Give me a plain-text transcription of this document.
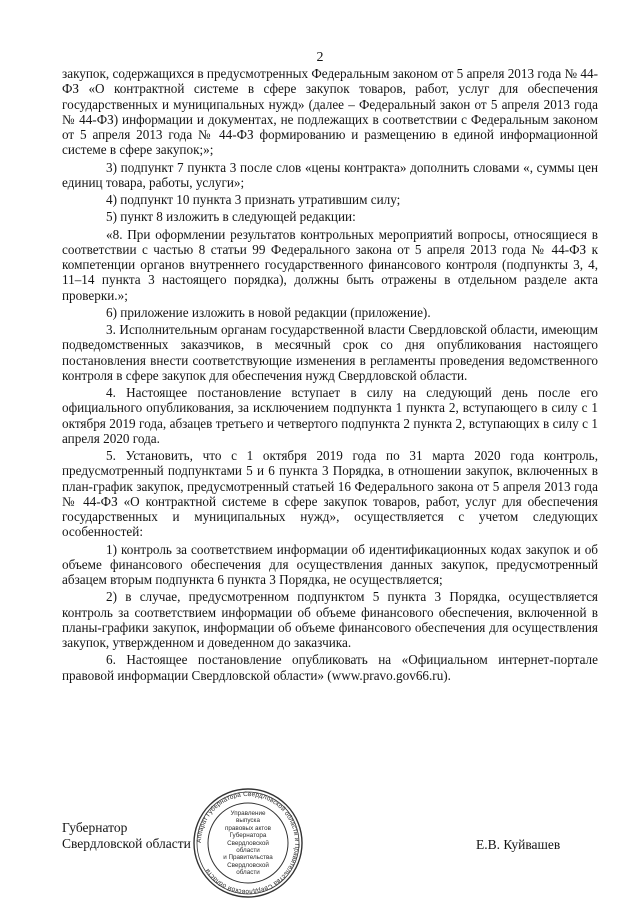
2

закупок, содержащихся в предусмотренных Федеральным законом от 5 апреля 2013 года № 44-ФЗ «О контрактной системе в сфере закупок товаров, работ, услуг для обеспечения государственных и муниципальных нужд» (далее – Федеральный закон от 5 апреля 2013 года № 44-ФЗ) информации и документах, не подлежащих в соответствии с Федеральным законом от 5 апреля 2013 года № 44-ФЗ формированию и размещению в единой информационной системе в сфере закупок;»;

3) подпункт 7 пункта 3 после слов «цены контракта» дополнить словами «, суммы цен единиц товара, работы, услуги»;

4) подпункт 10 пункта 3 признать утратившим силу;

5) пункт 8 изложить в следующей редакции:

«8. При оформлении результатов контрольных мероприятий вопросы, относящиеся в соответствии с частью 8 статьи 99 Федерального закона от 5 апреля 2013 года № 44-ФЗ к компетенции органов внутреннего государственного финансового контроля (подпункты 3, 4, 11–14 пункта 3 настоящего порядка), должны быть отражены в отдельном разделе акта проверки.»;

6) приложение изложить в новой редакции (приложение).

3. Исполнительным органам государственной власти Свердловской области, имеющим подведомственных заказчиков, в месячный срок со дня опубликования настоящего постановления внести соответствующие изменения в регламенты проведения ведомственного контроля в сфере закупок для обеспечения нужд Свердловской области.

4. Настоящее постановление вступает в силу на следующий день после его официального опубликования, за исключением подпункта 1 пункта 2, вступающего в силу с 1 октября 2019 года, абзацев третьего и четвертого подпункта 2 пункта 2, вступающих в силу с 1 апреля 2020 года.

5. Установить, что с 1 октября 2019 года по 31 марта 2020 года контроль, предусмотренный подпунктами 5 и 6 пункта 3 Порядка, в отношении закупок, включенных в план-график закупок, предусмотренный статьей 16 Федерального закона от 5 апреля 2013 года № 44-ФЗ «О контрактной системе в сфере закупок товаров, работ, услуг для обеспечения государственных и муниципальных нужд», осуществляется с учетом следующих особенностей:

1) контроль за соответствием информации об идентификационных кодах закупок и об объеме финансового обеспечения для осуществления данных закупок, предусмотренный абзацем вторым подпункта 6 пункта 3 Порядка, не осуществляется;

2) в случае, предусмотренном подпунктом 5 пункта 3 Порядка, осуществляется контроль за соответствием информации об объеме финансового обеспечения, включенной в планы-графики закупок, информации об объеме финансового обеспечения для осуществления закупок, утвержденном и доведенном до заказчика.

6. Настоящее постановление опубликовать на «Официальном интернет-портале правовой информации Свердловской области» (www.pravo.gov66.ru).

Губернатор
Свердловской области	Е.В. Куйвашев
Аппарат Губернатора Свердловской области и Правительства Свердловской области
Управление
выпуска
правовых актов
Губернатора
Свердловской области
и Правительства
Свердловской
области
